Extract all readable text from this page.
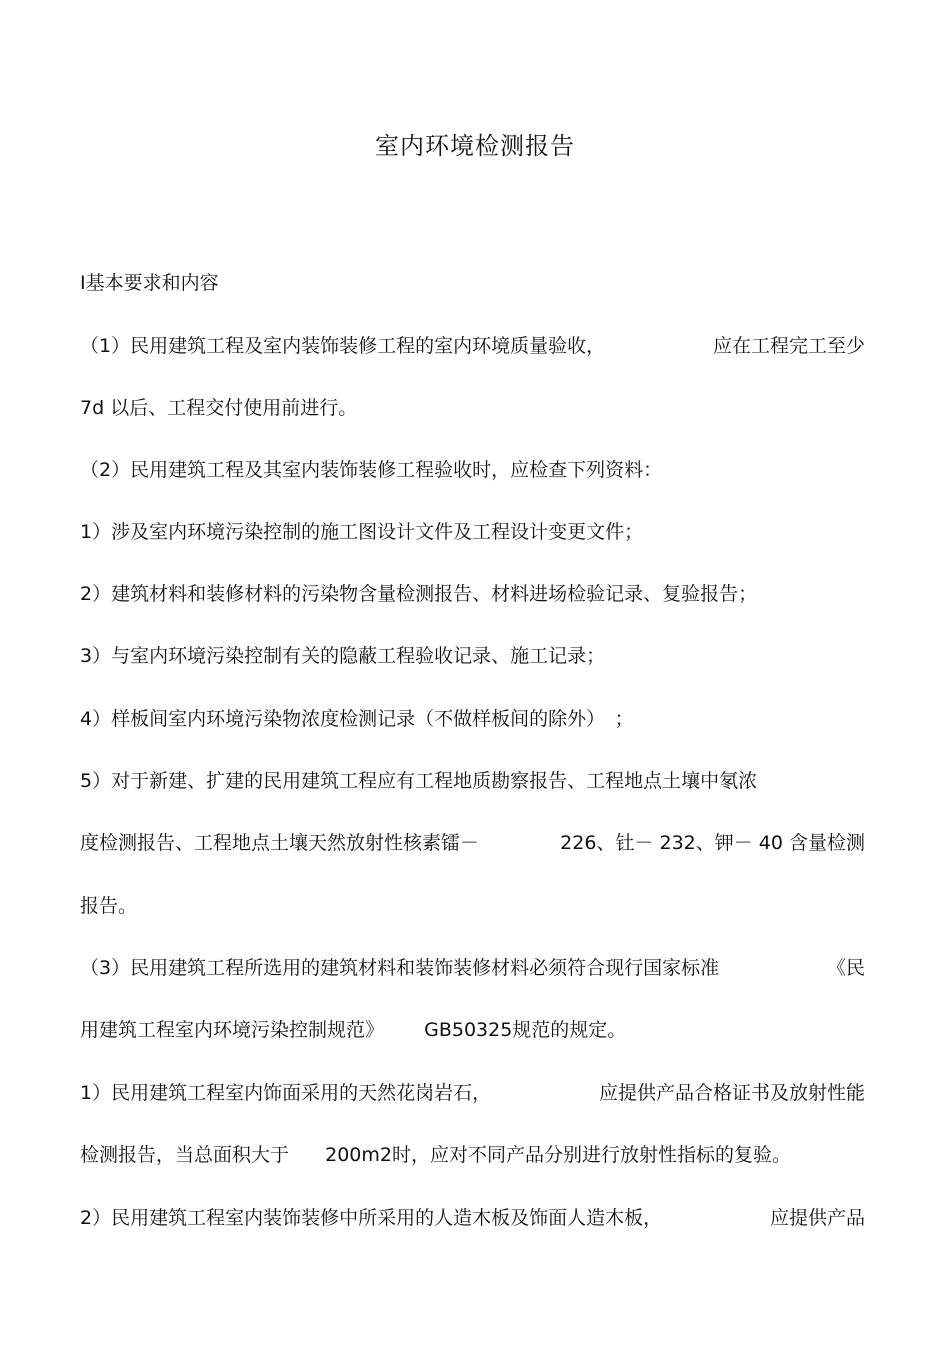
室内环境检测报告
Ⅰ基本要求和内容
（1）民用建筑工程及室内装饰装修工程的室内环境质量验收，	应在工程完工至少
7d 以后、工程交付使用前进行。
（2）民用建筑工程及其室内装饰装修工程验收时，应检查下列资料：
1）涉及室内环境污染控制的施工图设计文件及工程设计变更文件；
2）建筑材料和装修材料的污染物含量检测报告、材料进场检验记录、复验报告；
3）与室内环境污染控制有关的隐蔽工程验收记录、施工记录；
4）样板间室内环境污染物浓度检测记录（不做样板间的除外）　；
5）对于新建、扩建的民用建筑工程应有工程地质勘察报告、工程地点土壤中氡浓
度检测报告、工程地点土壤天然放射性核素镭－	226、钍－ 232、钾－ 40 含量检测
报告。
（3）民用建筑工程所选用的建筑材料和装饰装修材料必须符合现行国家标准	《民
用建筑工程室内环境污染控制规范》 GB50325规范的规定。
1）民用建筑工程室内饰面采用的天然花岗岩石，	应提供产品合格证书及放射性能
检测报告，当总面积大于 200m2时，应对不同产品分别进行放射性指标的复验。
2）民用建筑工程室内装饰装修中所采用的人造木板及饰面人造木板，	应提供产品
